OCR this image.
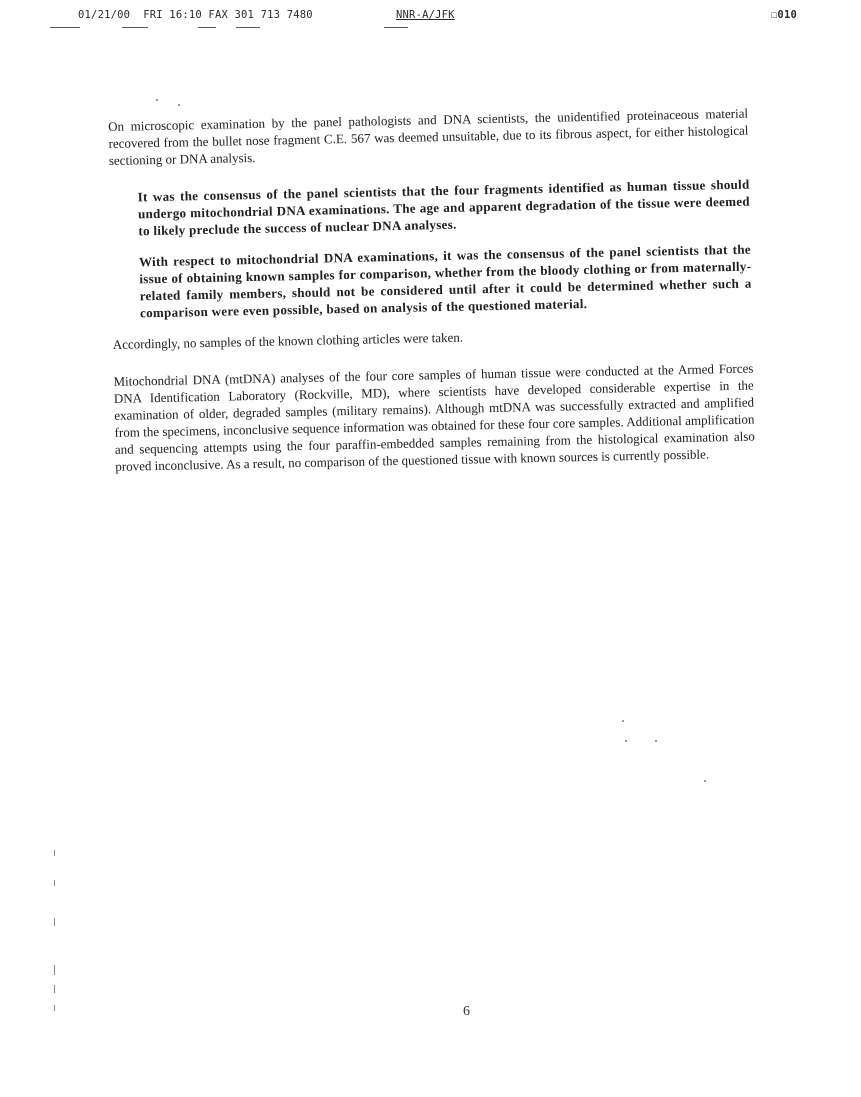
01/21/00  FRI 16:10 FAX 301 713 7480	NNR-A/JFK	☐010

On microscopic examination by the panel pathologists and DNA scientists, the unidentified proteinaceous material recovered from the bullet nose fragment C.E. 567 was deemed unsuitable, due to its fibrous aspect, for either histological sectioning or DNA analysis.

It was the consensus of the panel scientists that the four fragments identified as human tissue should undergo mitochondrial DNA examinations. The age and apparent degradation of the tissue were deemed to likely preclude the success of nuclear DNA analyses.

With respect to mitochondrial DNA examinations, it was the consensus of the panel scientists that the issue of obtaining known samples for comparison, whether from the bloody clothing or from maternally-related family members, should not be considered until after it could be determined whether such a comparison were even possible, based on analysis of the questioned material.

Accordingly, no samples of the known clothing articles were taken.

Mitochondrial DNA (mtDNA) analyses of the four core samples of human tissue were conducted at the Armed Forces DNA Identification Laboratory (Rockville, MD), where scientists have developed considerable expertise in the examination of older, degraded samples (military remains). Although mtDNA was successfully extracted and amplified from the specimens, inconclusive sequence information was obtained for these four core samples. Additional amplification and sequencing attempts using the four paraffin-embedded samples remaining from the histological examination also proved inconclusive. As a result, no comparison of the questioned tissue with known sources is currently possible.

6
